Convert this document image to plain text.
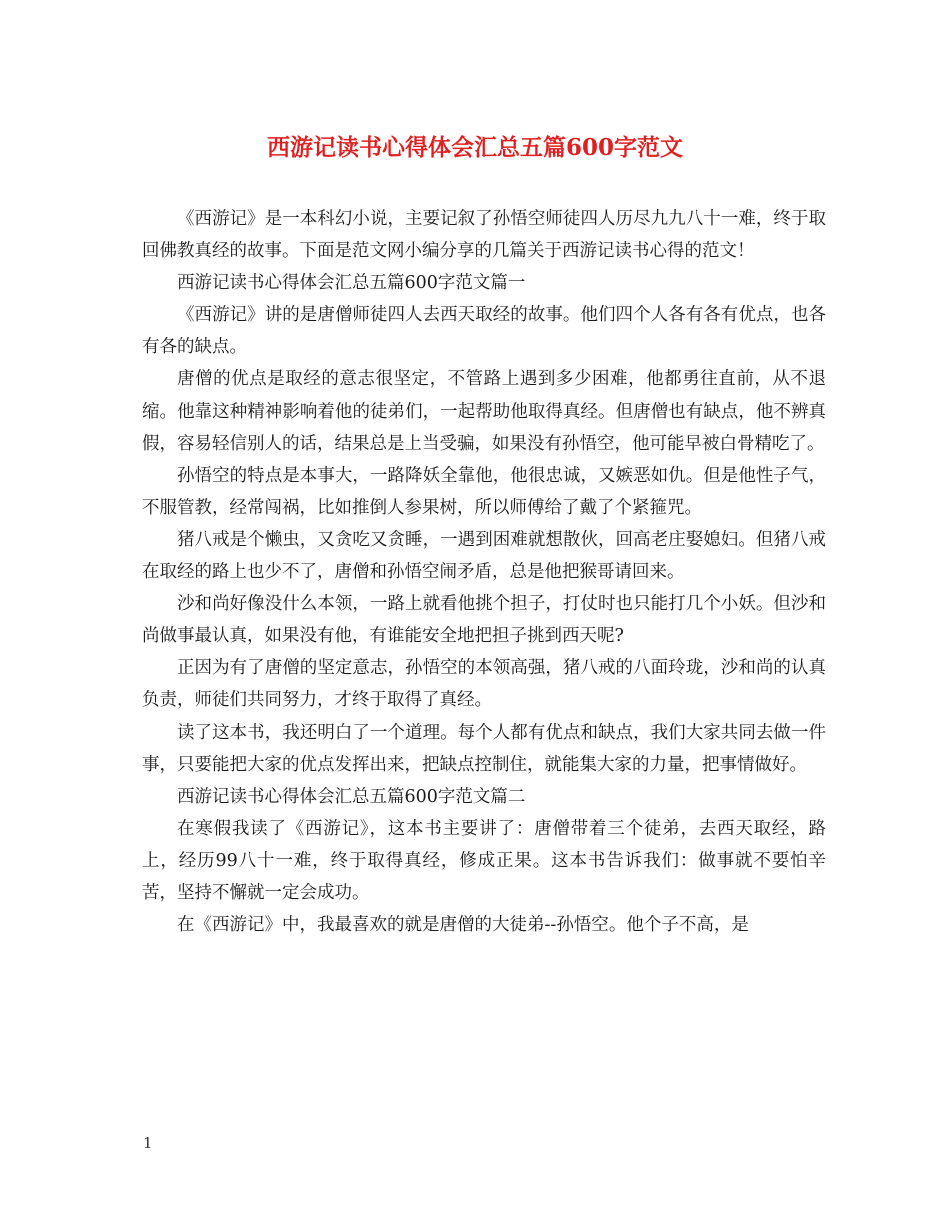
西游记读书心得体会汇总五篇600字范文

《西游记》是一本科幻小说，主要记叙了孙悟空师徒四人历尽九九八十一难，终于取回佛教真经的故事。下面是范文网小编分享的几篇关于西游记读书心得的范文！

西游记读书心得体会汇总五篇600字范文篇一

《西游记》讲的是唐僧师徒四人去西天取经的故事。他们四个人各有各有优点，也各有各的缺点。

唐僧的优点是取经的意志很坚定，不管路上遇到多少困难，他都勇往直前，从不退缩。他靠这种精神影响着他的徒弟们，一起帮助他取得真经。但唐僧也有缺点，他不辨真假，容易轻信别人的话，结果总是上当受骗，如果没有孙悟空，他可能早被白骨精吃了。

孙悟空的特点是本事大，一路降妖全靠他，他很忠诚，又嫉恶如仇。但是他性子气，不服管教，经常闯祸，比如推倒人参果树，所以师傅给了戴了个紧箍咒。

猪八戒是个懒虫，又贪吃又贪睡，一遇到困难就想散伙，回高老庄娶媳妇。但猪八戒在取经的路上也少不了，唐僧和孙悟空闹矛盾，总是他把猴哥请回来。

沙和尚好像没什么本领，一路上就看他挑个担子，打仗时也只能打几个小妖。但沙和尚做事最认真，如果没有他，有谁能安全地把担子挑到西天呢?

正因为有了唐僧的坚定意志，孙悟空的本领高强，猪八戒的八面玲珑，沙和尚的认真负责，师徒们共同努力，才终于取得了真经。

读了这本书，我还明白了一个道理。每个人都有优点和缺点，我们大家共同去做一件事，只要能把大家的优点发挥出来，把缺点控制住，就能集大家的力量，把事情做好。

西游记读书心得体会汇总五篇600字范文篇二

在寒假我读了《西游记》，这本书主要讲了：唐僧带着三个徒弟，去西天取经，路上，经历99八十一难，终于取得真经，修成正果。这本书告诉我们：做事就不要怕辛苦，坚持不懈就一定会成功。

在《西游记》中，我最喜欢的就是唐僧的大徒弟--孙悟空。他个子不高，是

1
